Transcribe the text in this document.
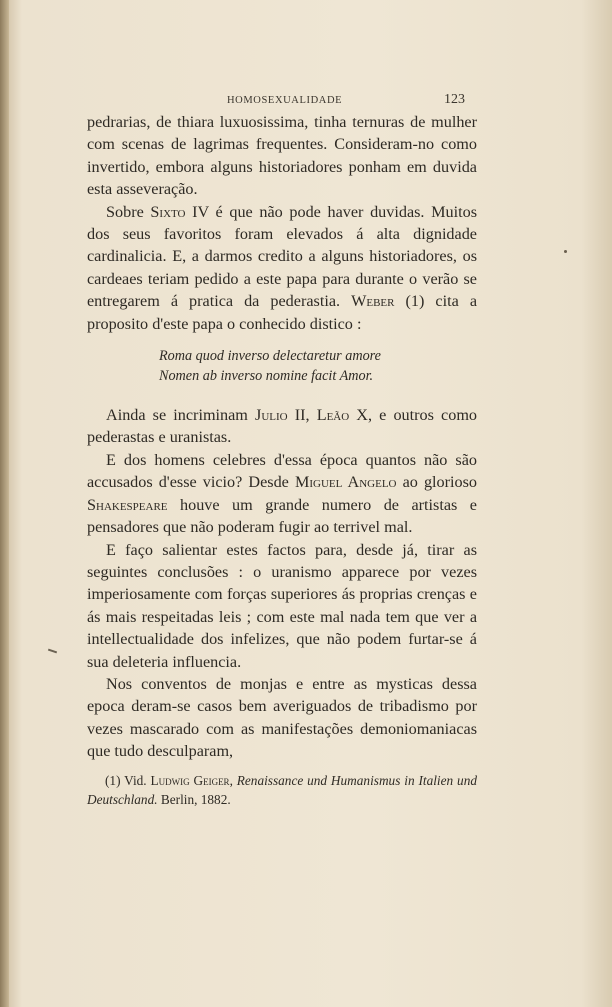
HOMOSEXUALIDADE	123

pedrarias, de thiara luxuosissima, tinha ternuras de mulher com scenas de lagrimas frequentes. Consideram-no como invertido, embora alguns historiadores ponham em duvida esta asseveração.

Sobre Sixto IV é que não pode haver duvidas. Muitos dos seus favoritos foram elevados á alta dignidade cardinalicia. E, a darmos credito a alguns historiadores, os cardeaes teriam pedido a este papa para durante o verão se entregarem á pratica da pederastia. Weber (1) cita a proposito d'este papa o conhecido distico :

Roma quod inverso delectaretur amore
Nomen ab inverso nomine facit Amor.

Ainda se incriminam Julio II, Leão X, e outros como pederastas e uranistas.

E dos homens celebres d'essa época quantos não são accusados d'esse vicio? Desde Miguel Angelo ao glorioso Shakespeare houve um grande numero de artistas e pensadores que não poderam fugir ao terrivel mal.

E faço salientar estes factos para, desde já, tirar as seguintes conclusões : o uranismo apparece por vezes imperiosamente com forças superiores ás proprias crenças e ás mais respeitadas leis ; com este mal nada tem que ver a intellectualidade dos infelizes, que não podem furtar-se á sua deleteria influencia.

Nos conventos de monjas e entre as mysticas dessa epoca deram-se casos bem averiguados de tribadismo por vezes mascarado com as manifestações demoniomaniacas que tudo desculparam,

(1) Vid. Ludwig Geiger, Renaissance und Humanismus in Italien und Deutschland. Berlin, 1882.
